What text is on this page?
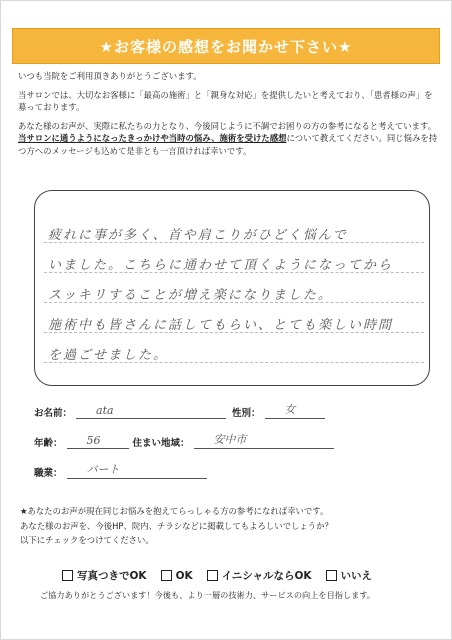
★お客様の感想をお聞かせ下さい★

いつも当院をご利用頂きありがとうございます。

当サロンでは、大切なお客様に「最高の施術」と「親身な対応」を提供したいと考えており、「患者様の声」を募っております。

あなた様のお声が、実際に私たちの力となり、今後同じように不調でお困りの方の参考になると考えています。当サロンに通うようになったきっかけや当時の悩み、施術を受けた感想について教えてください。同じ悩みを持つ方へのメッセージも込めて是非とも一言頂ければ幸いです。

疲れに事が多く、首や肩こりがひどく悩んで
いました。こちらに通わせて頂くようになってから
スッキリすることが増え楽になりました。
施術中も皆さんに話してもらい、とても楽しい時間
を過ごせました。
お名前： ata	性別： 女
年齢： 56	住まい地域： 安中市
職業： パート
★あなたのお声が現在同じお悩みを抱えてらっしゃる方の参考になれば幸いです。
あなた様のお声を、今後HP、院内、チラシなどに掲載してもよろしいでしょうか？
以下にチェックをつけてください。
写真つきでOK	OK	イニシャルならOK	いいえ
ご協力ありがとうございます！今後も、より一層の技術力、サービスの向上を目指します。
